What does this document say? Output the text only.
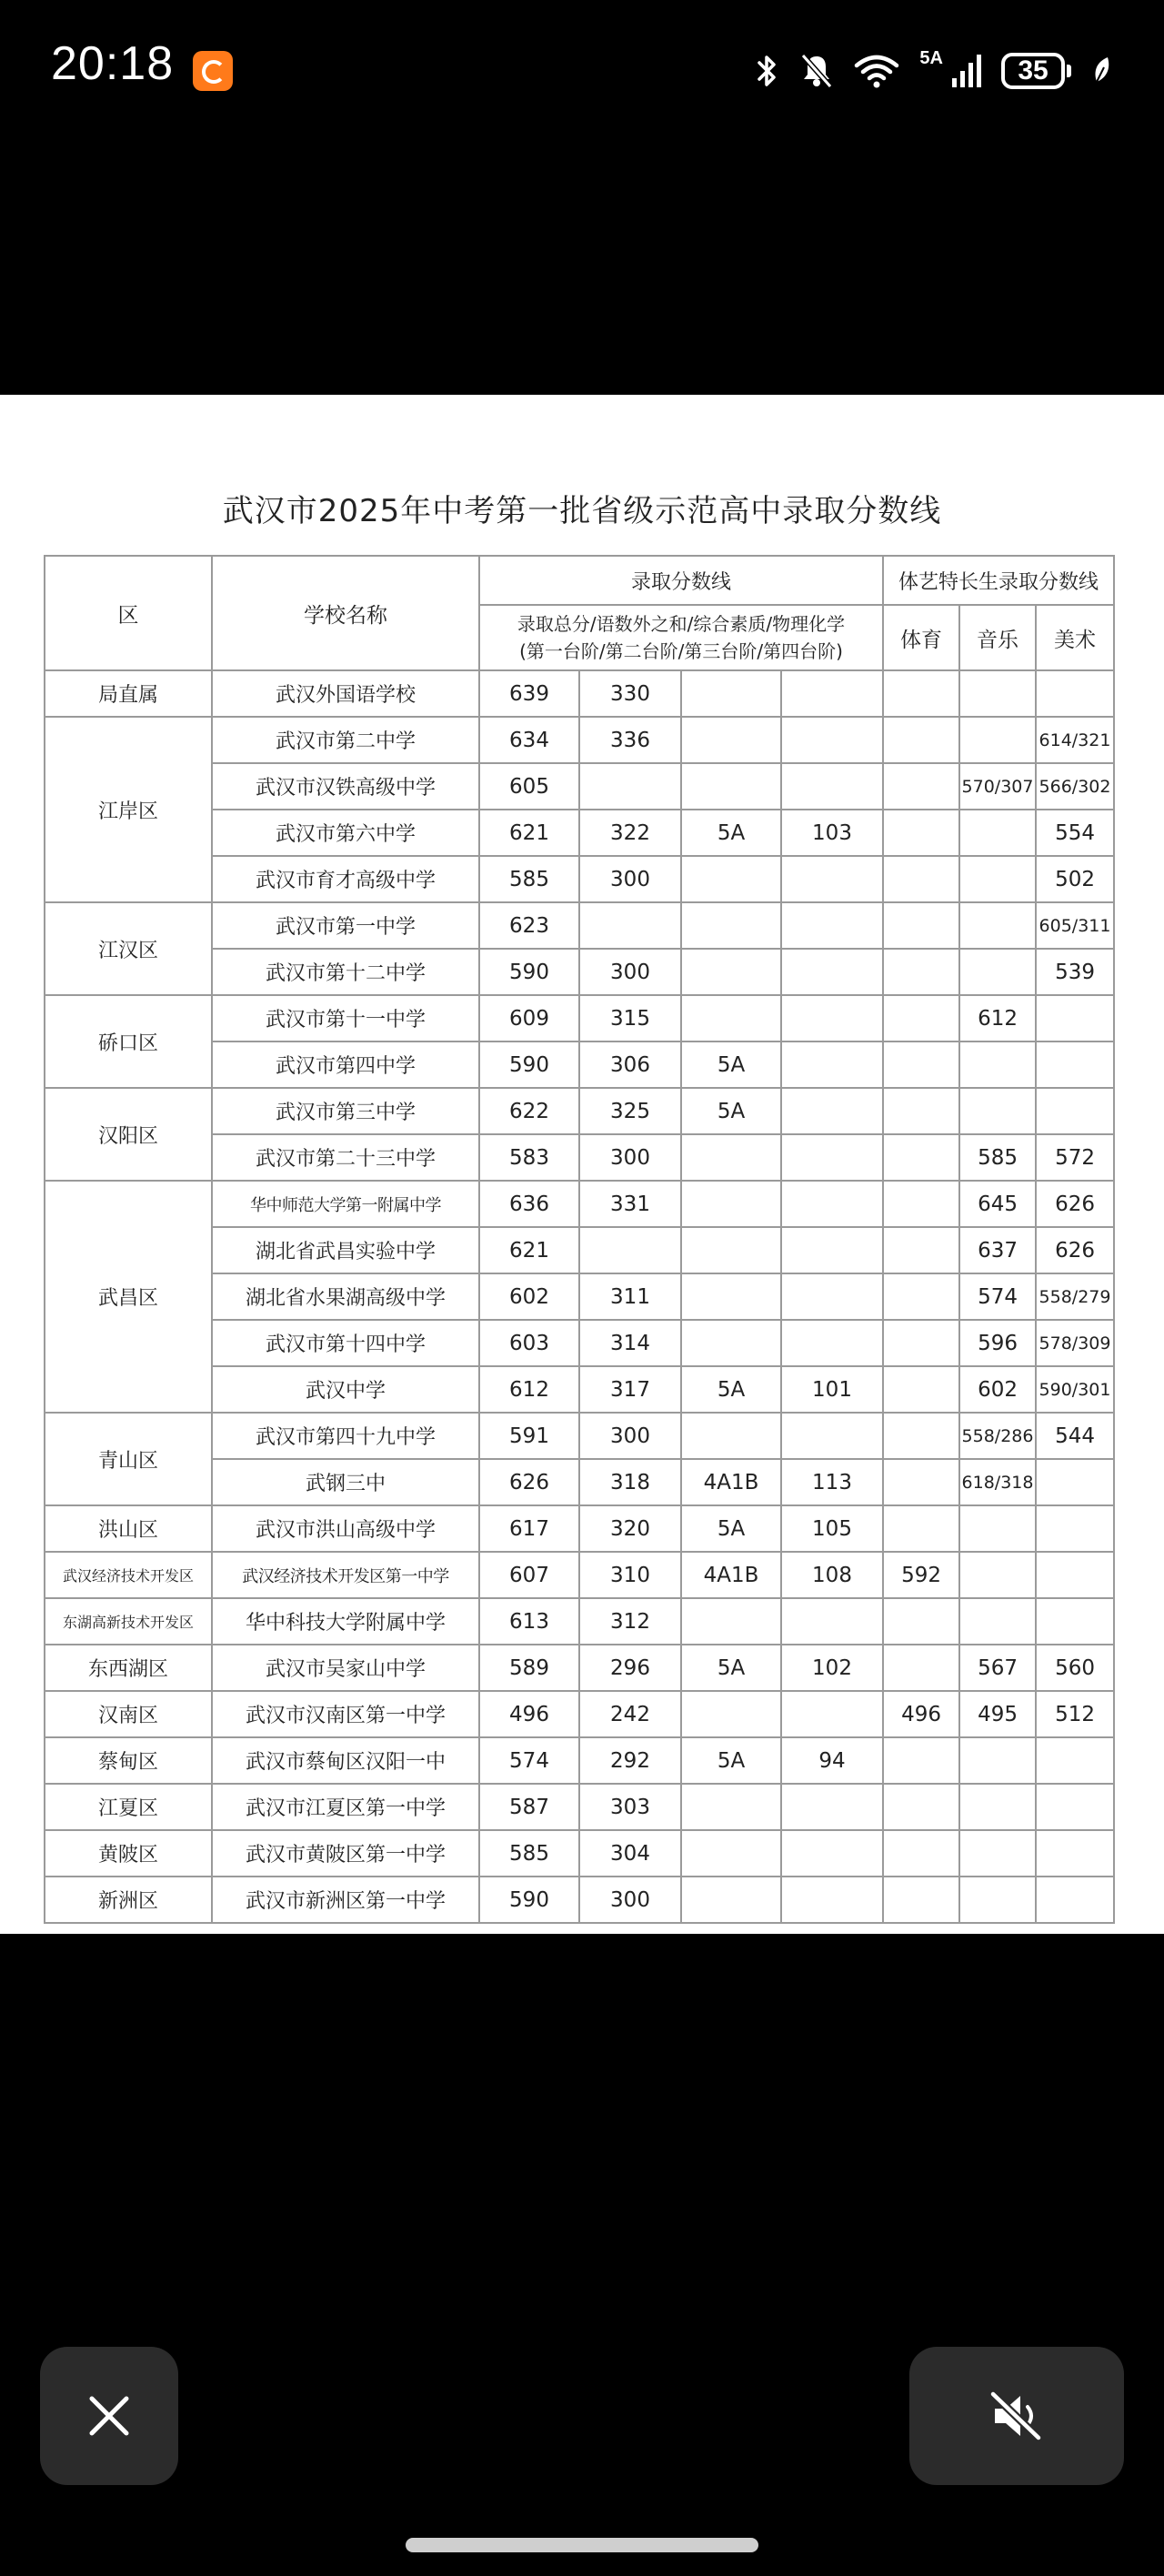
20:18	5A	35
武汉市2025年中考第一批省级示范高中录取分数线
区	学校名称	录取分数线				体艺特长生录取分数线		

		录取总分/语数外之和/综合素质/物理化学
(第一台阶/第二台阶/第三台阶/第四台阶)				体育	音乐	美术
局直属	武汉外国语学校	639	330					
江岸区	武汉市第二中学	634	336					614/321
	武汉市汉铁高级中学	605					570/307	566/302
	武汉市第六中学	621	322	5A	103			554
	武汉市育才高级中学	585	300					502
江汉区	武汉市第一中学	623						605/311
	武汉市第十二中学	590	300					539
硚口区	武汉市第十一中学	609	315				612	
	武汉市第四中学	590	306	5A				
汉阳区	武汉市第三中学	622	325	5A				
	武汉市第二十三中学	583	300				585	572
武昌区	华中师范大学第一附属中学	636	331				645	626
	湖北省武昌实验中学	621					637	626
	湖北省水果湖高级中学	602	311				574	558/279
	武汉市第十四中学	603	314				596	578/309
	武汉中学	612	317	5A	101		602	590/301
青山区	武汉市第四十九中学	591	300				558/286	544
	武钢三中	626	318	4A1B	113		618/318	
洪山区	武汉市洪山高级中学	617	320	5A	105			
武汉经济技术开发区	武汉经济技术开发区第一中学	607	310	4A1B	108	592		
东湖高新技术开发区	华中科技大学附属中学	613	312					
东西湖区	武汉市吴家山中学	589	296	5A	102		567	560
汉南区	武汉市汉南区第一中学	496	242			496	495	512
蔡甸区	武汉市蔡甸区汉阳一中	574	292	5A	94			
江夏区	武汉市江夏区第一中学	587	303					
黄陂区	武汉市黄陂区第一中学	585	304					
新洲区	武汉市新洲区第一中学	590	300					
